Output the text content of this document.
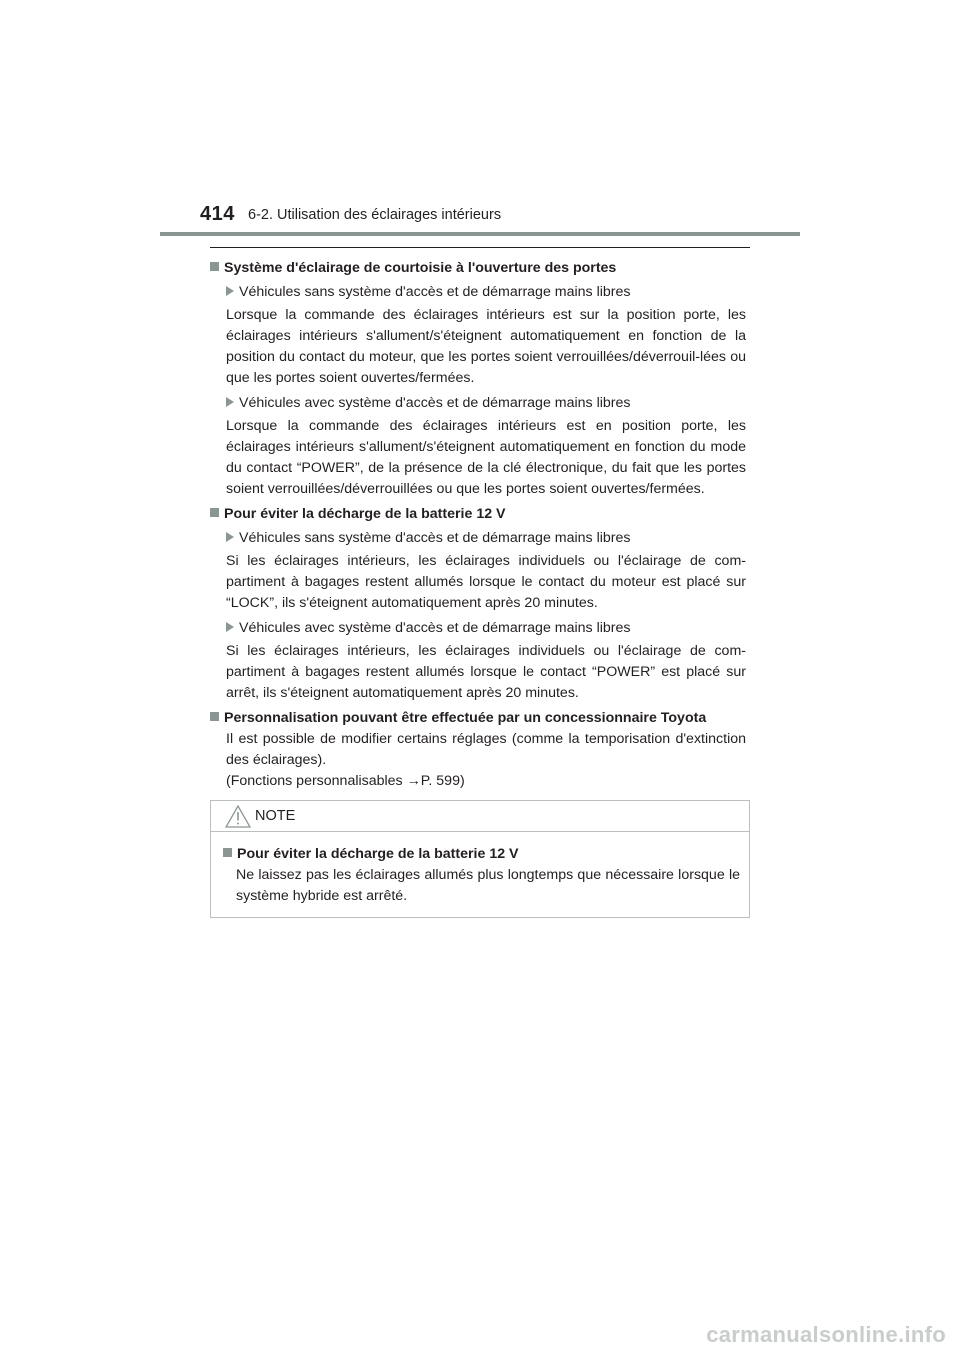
414 6-2. Utilisation des éclairages intérieurs

Système d'éclairage de courtoisie à l'ouverture des portes

Véhicules sans système d'accès et de démarrage mains libres

Lorsque la commande des éclairages intérieurs est sur la position porte, les éclairages intérieurs s'allument/s'éteignent automatiquement en fonction de la position du contact du moteur, que les portes soient verrouillées/déverrouil-lées ou que les portes soient ouvertes/fermées.

Véhicules avec système d'accès et de démarrage mains libres

Lorsque la commande des éclairages intérieurs est en position porte, les éclairages intérieurs s'allument/s'éteignent automatiquement en fonction du mode du contact “POWER”, de la présence de la clé électronique, du fait que les portes soient verrouillées/déverrouillées ou que les portes soient ouvertes/fermées.

Pour éviter la décharge de la batterie 12 V

Véhicules sans système d'accès et de démarrage mains libres

Si les éclairages intérieurs, les éclairages individuels ou l'éclairage de com-partiment à bagages restent allumés lorsque le contact du moteur est placé sur “LOCK”, ils s'éteignent automatiquement après 20 minutes.

Véhicules avec système d'accès et de démarrage mains libres

Si les éclairages intérieurs, les éclairages individuels ou l'éclairage de com-partiment à bagages restent allumés lorsque le contact “POWER” est placé sur arrêt, ils s'éteignent automatiquement après 20 minutes.

Personnalisation pouvant être effectuée par un concessionnaire Toyota

Il est possible de modifier certains réglages (comme la temporisation d'extinction des éclairages).

(Fonctions personnalisables →P. 599)

NOTE

Pour éviter la décharge de la batterie 12 V

Ne laissez pas les éclairages allumés plus longtemps que nécessaire lorsque le système hybride est arrêté.

carmanualsonline.info
